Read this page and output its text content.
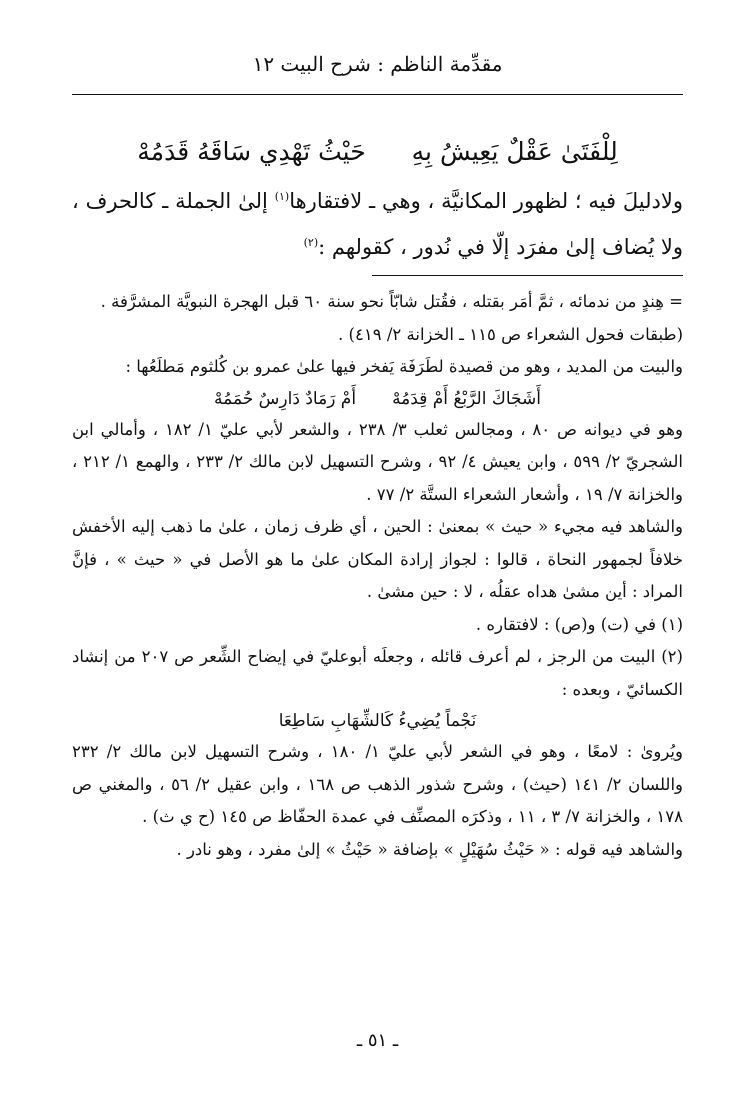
مقدِّمة الناظم : شرح البيت ١٢
لِلْفَتَىٰ عَقْلٌ يَعِيشُ بِهِ
حَيْثُ تَهْدِي سَاقَهُ قَدَمُهْ
ولادليلَ فيه ؛ لظهور المكانيَّة ، وهي ـ لافتقارها$^{(١)}$ إلىٰ الجملة ـ كالحرف ، ولا يُضاف إلىٰ مفرَد إلّا في نُدور ، كقولهم :$^{(٢)}$

= هِندٍ من ندمائه ، ثمَّ أمَر بقتله ، فقُتل شابّاً نحو سنة ٦٠ قبل الهجرة النبويَّة المشرَّفة .

(طبقات فحول الشعراء ص ١١٥ ـ الخزانة ٢/ ٤١٩) .

والبيت من المديد ، وهو من قصيدة لطَرَفَة يَفخر فيها علىٰ عمرو بن كُلثوم مَطلَعُها :

أَشَجَاكَ الرَّبْعُ أَمْ قِدَمُهْ
أَمْ رَمَادٌ دَارِسٌ حُمَمُهْ

وهو في ديوانه ص ٨٠ ، ومجالس ثعلب ٣/ ٢٣٨ ، والشعر لأبي عليّ ١/ ١٨٢ ، وأمالي ابن الشجريّ ٢/ ٥٩٩ ، وابن يعيش ٤/ ٩٢ ، وشرح التسهيل لابن مالك ٢/ ٢٣٣ ، والهمع ١/ ٢١٢ ، والخزانة ٧/ ١٩ ، وأشعار الشعراء الستَّة ٢/ ٧٧ .

والشاهد فيه مجيء « حيث » بمعنىٰ : الحين ، أي ظرف زمان ، علىٰ ما ذهب إليه الأخفش خلافاً لجمهور النحاة ، قالوا : لجواز إرادة المكان علىٰ ما هو الأصل في « حيث » ، فإنَّ المراد : أين مشىٰ هداه عقلُه ، لا : حين مشىٰ .

(١) في (ت) و(ص) : لافتقاره .

(٢) البيت من الرجز ، لم أعرف قائله ، وجعلَه أبوعليّ في إيضاح الشِّعر ص ٢٠٧ من إنشاد الكسائيّ ، وبعده :

نَجْماً يُضِيءُ كَالشِّهَابِ سَاطِعَا

ويُروىٰ : لامعًا ، وهو في الشعر لأبي عليّ ١/ ١٨٠ ، وشرح التسهيل لابن مالك ٢/ ٢٣٢ واللسان ٢/ ١٤١ (حيث) ، وشرح شذور الذهب ص ١٦٨ ، وابن عقيل ٢/ ٥٦ ، والمغني ص ١٧٨ ، والخزانة ٧/ ٣ ، ١١ ، وذكرَه المصنِّف في عمدة الحفّاظ ص ١٤٥ (ح ي ث) .

والشاهد فيه قوله : « حَيْثُ سُهَيْلٍ » بإضافة « حَيْثُ » إلىٰ مفرد ، وهو نادر .

ـ ٥١ ـ
